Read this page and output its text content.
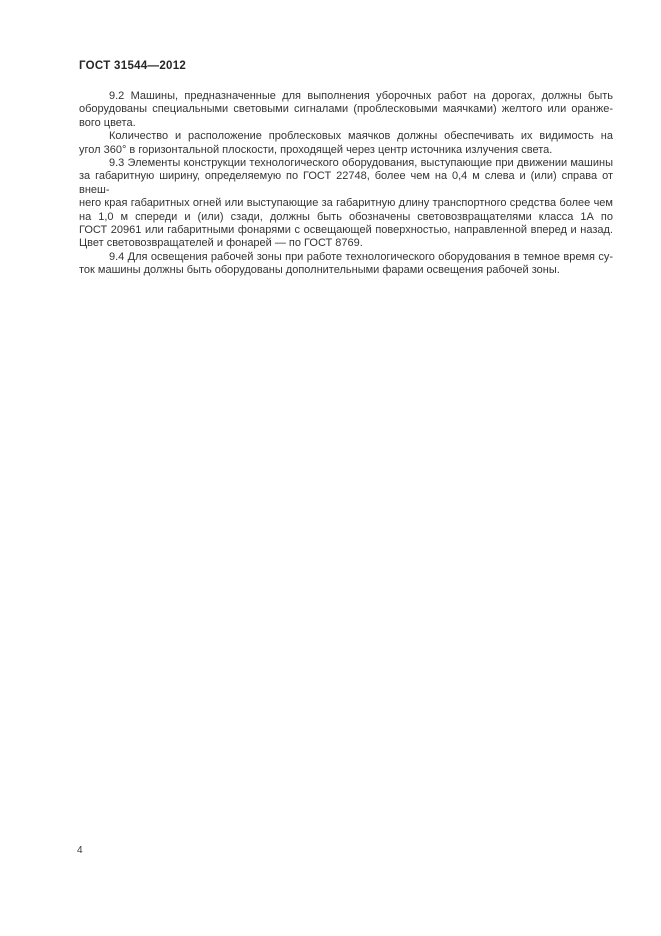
ГОСТ 31544—2012
9.2 Машины, предназначенные для выполнения уборочных работ на дорогах, должны быть
оборудованы специальными световыми сигналами (проблесковыми маячками) желтого или оранже-
вого цвета.
Количество и расположение проблесковых маячков должны обеспечивать их видимость на
угол 360° в горизонтальной плоскости, проходящей через центр источника излучения света.
9.3 Элементы конструкции технологического оборудования, выступающие при движении машины
за габаритную ширину, определяемую по ГОСТ 22748, более чем на 0,4 м слева и (или) справа от внеш-
него края габаритных огней или выступающие за габаритную длину транспортного средства более чем
на 1,0 м спереди и (или) сзади, должны быть обозначены световозвращателями класса 1А по
ГОСТ 20961 или габаритными фонарями с освещающей поверхностью, направленной вперед и назад.
Цвет световозвращателей и фонарей — по ГОСТ 8769.
9.4 Для освещения рабочей зоны при работе технологического оборудования в темное время су-
ток машины должны быть оборудованы дополнительными фарами освещения рабочей зоны.
4
